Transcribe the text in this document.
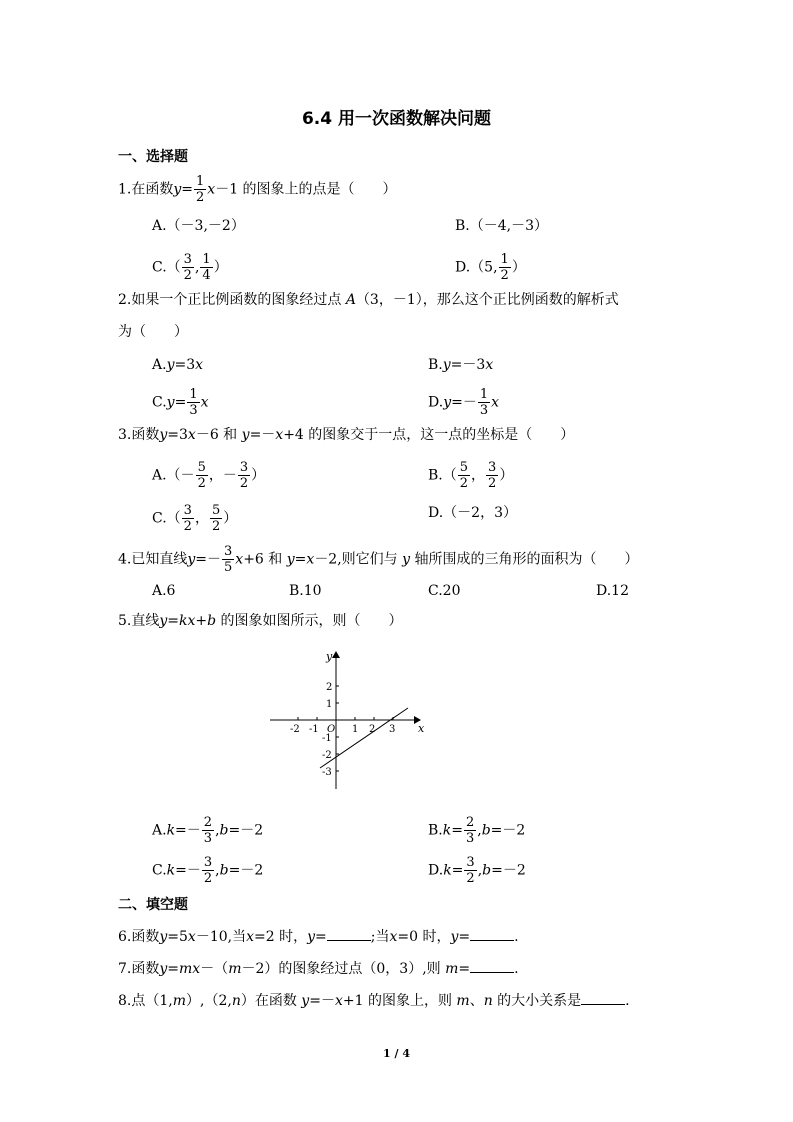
6.4 用一次函数解决问题
一、选择题
1.在函数$y= \frac{1}{2} x-1$ 的图象上的点是（　　）
A.（－3,－2）	B.（－4,－3）
$C.( \frac{3}{2}$ , $\frac{1}{4}$ ）	D.（5, $\frac{1}{2}$ ）
2.如果一个正比例函数的图象经过点 A（3，－1），那么这个正比例函数的解析式
为（　　）
A.y=3x	B.y=－3x
$C.y= \frac{1}{3}$ x	$D.y=- \frac{1}{3}$ x
3.函数y=3x－6 和 y=－x+4 的图象交于一点，这一点的坐标是（　　）
$A.(- \frac{5}{2}$ ，－ $\frac{3}{2}$ ）	$B.( \frac{5}{2}$ ， $\frac{3}{2}$ ）
$C.( \frac{3}{2}$ ， $\frac{5}{2}$ ）	D.（－2，3）
4.已知直线$y=- \frac{3}{5} x+6$ 和 y=x－2,则它们与 y 轴所围成的三角形的面积为（　　）
A.6	B.10	C.20	D.12
5.直线y=kx+b 的图象如图所示，则（　　）
y
x
O
-2 -1	1 2 3
2
1
-1
-2
-3
$A.k=- \frac{2}{3} ,b=-2$	$B.k= \frac{2}{3} ,b=-2$
$C.k=- \frac{3}{2} ,b=-2$	$D.k= \frac{3}{2} ,b=-2$
二、填空题
6.函数y=5x－10,当x=2 时，y=	;当x=0 时，y=	.
7.函数y=mx－（m－2）的图象经过点（0，3）,则 m=	.
8.点（1,m）,（2,n）在函数 y=－x+1 的图象上，则 m、n 的大小关系是	.
1 / 4
